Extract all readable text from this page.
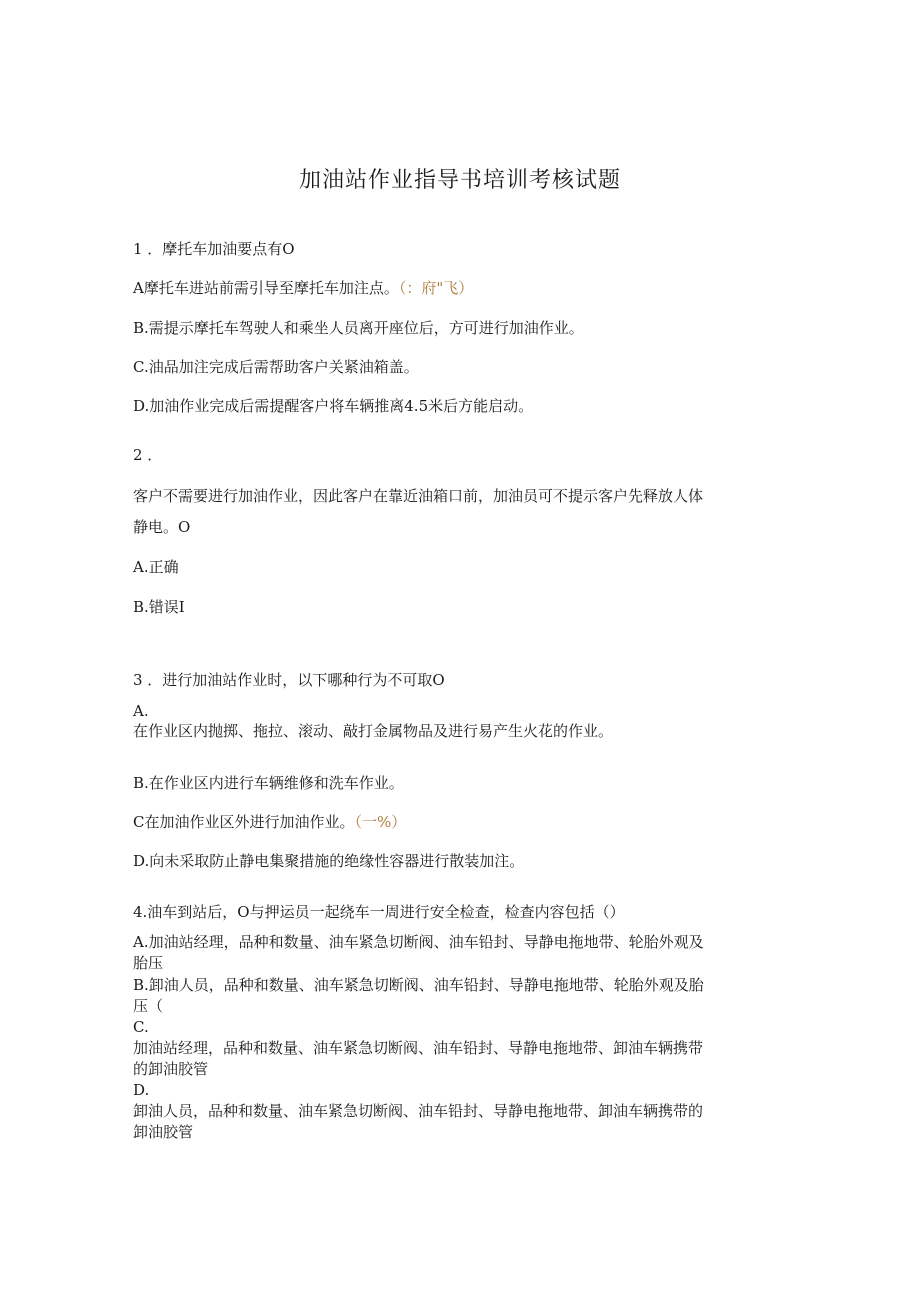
加油站作业指导书培训考核试题
1 ．摩托车加油要点有O
A摩托车进站前需引导至摩托车加注点。（：府"飞）
B.需提示摩托车驾驶人和乘坐人员离开座位后，方可进行加油作业。
C.油品加注完成后需帮助客户关紧油箱盖。
D.加油作业完成后需提醒客户将车辆推离4.5米后方能启动。
2 ．
客户不需要进行加油作业，因此客户在靠近油箱口前，加油员可不提示客户先释放人体
静电。O
A.正确
B.错误I
3 ．进行加油站作业时，以下哪种行为不可取O
A.
在作业区内抛掷、拖拉、滚动、敲打金属物品及进行易产生火花的作业。
B.在作业区内进行车辆维修和洗车作业。
C在加油作业区外进行加油作业。（一%）
D.向未采取防止静电集聚措施的绝缘性容器进行散装加注。
4.油车到站后，O与押运员一起绕车一周进行安全检查，检查内容包括（）
A.加油站经理，品种和数量、油车紧急切断阀、油车铅封、导静电拖地带、轮胎外观及
胎压
B.卸油人员，品种和数量、油车紧急切断阀、油车铅封、导静电拖地带、轮胎外观及胎
压（
C.
加油站经理，品种和数量、油车紧急切断阀、油车铅封、导静电拖地带、卸油车辆携带
的卸油胶管
D.
卸油人员，品种和数量、油车紧急切断阀、油车铅封、导静电拖地带、卸油车辆携带的
卸油胶管
